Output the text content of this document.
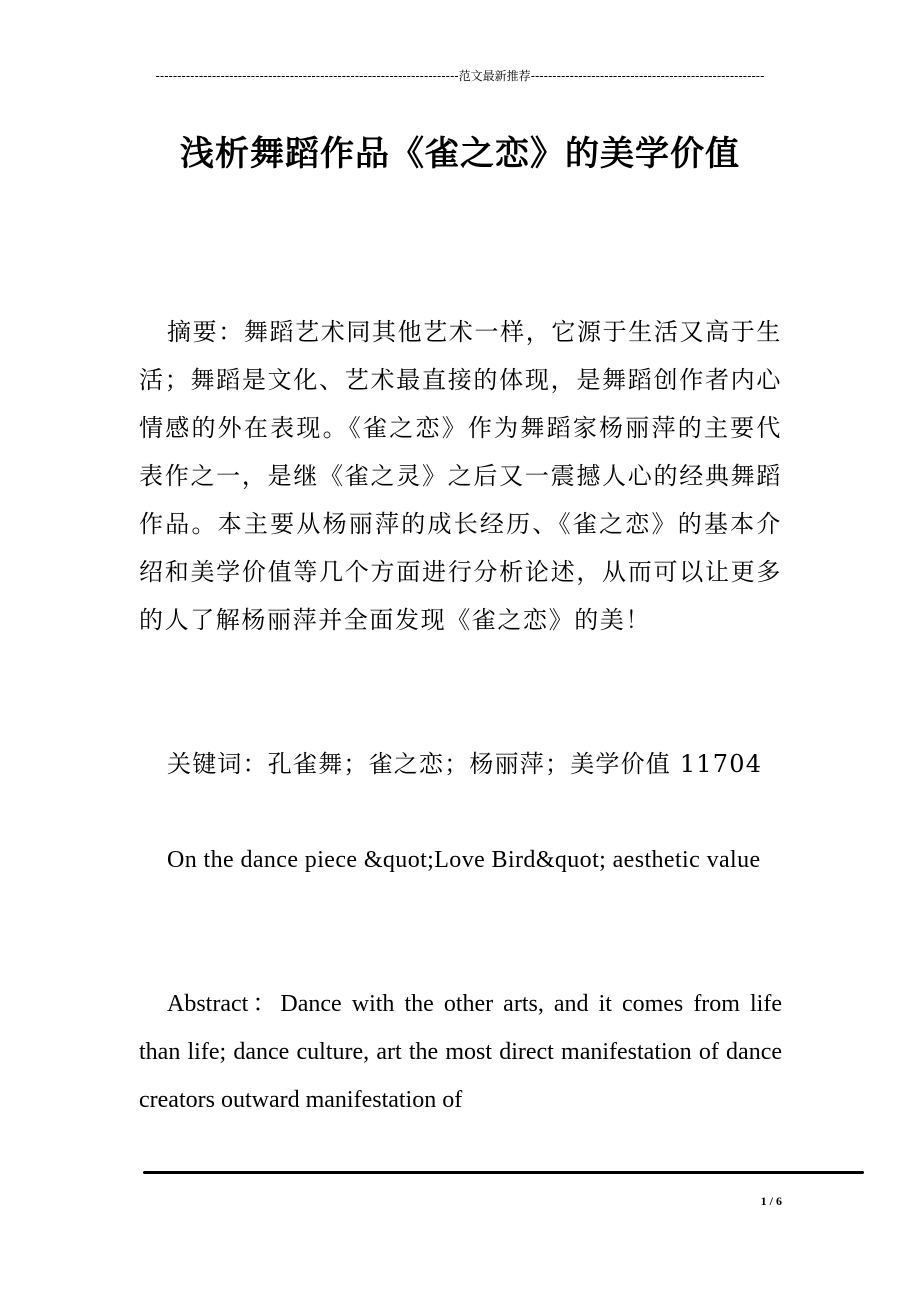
----------------------------------------------------------------------范文最新推荐------------------------------------------------------
浅析舞蹈作品《雀之恋》的美学价值

摘要：舞蹈艺术同其他艺术一样，它源于生活又高于生活；舞蹈是文化、艺术最直接的体现，是舞蹈创作者内心情感的外在表现。《雀之恋》作为舞蹈家杨丽萍的主要代表作之一，是继《雀之灵》之后又一震撼人心的经典舞蹈作品。本主要从杨丽萍的成长经历、《雀之恋》的基本介绍和美学价值等几个方面进行分析论述，从而可以让更多的人了解杨丽萍并全面发现《雀之恋》的美！

关键词：孔雀舞；雀之恋；杨丽萍；美学价值 11704

On the dance piece &quot;Love Bird&quot; aesthetic value

Abstract：Dance with the other arts, and it comes from life than life; dance culture, art the most direct manifestation of dance creators outward manifestation of

1 / 6
